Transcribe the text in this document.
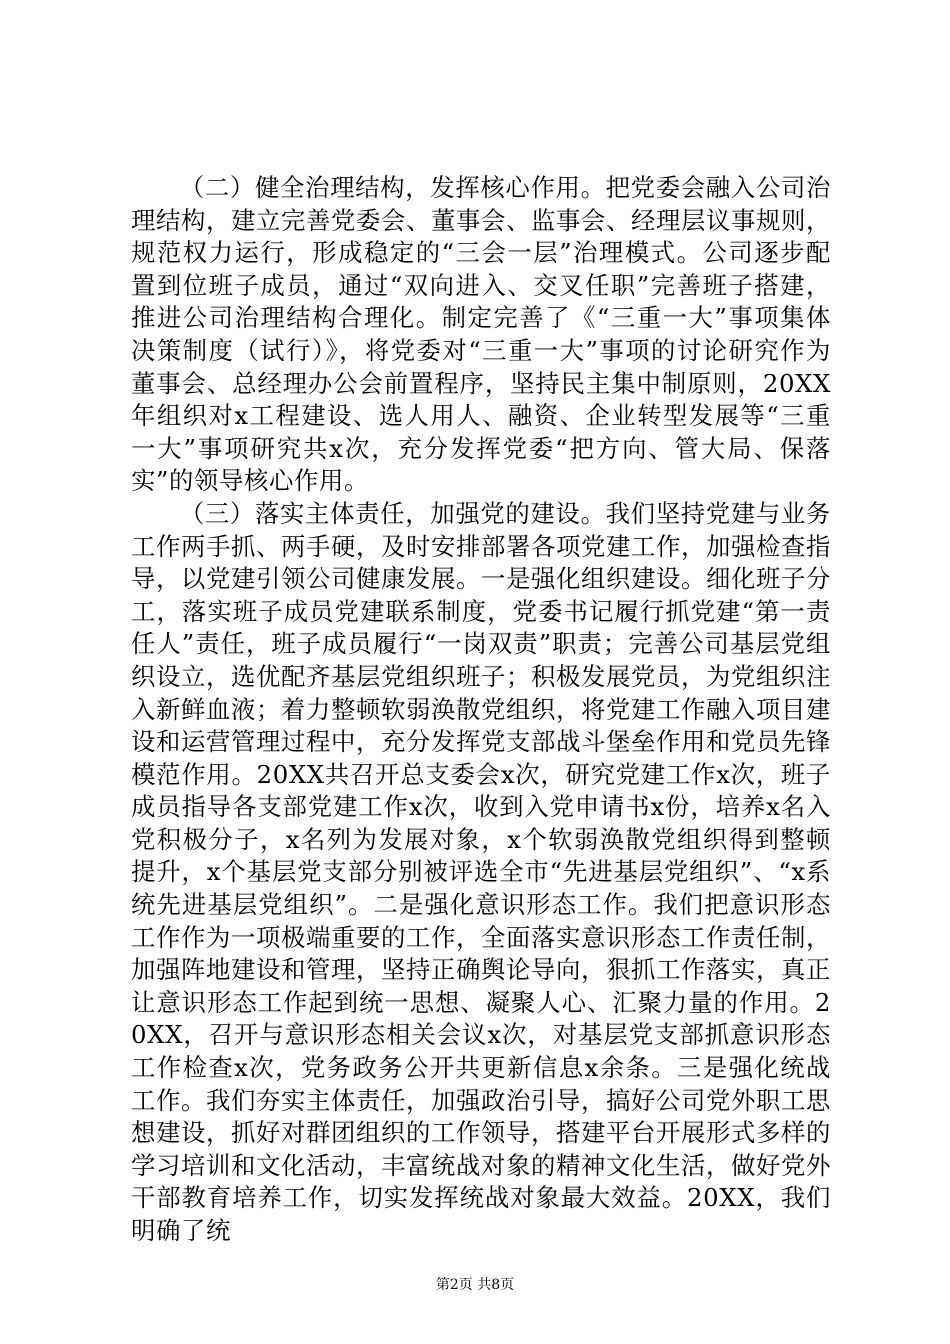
（二）健全治理结构，发挥核心作用。把党委会融入公司治理结构，建立完善党委会、董事会、监事会、经理层议事规则，规范权力运行，形成稳定的“三会一层”治理模式。公司逐步配置到位班子成员，通过“双向进入、交叉任职”完善班子搭建，推进公司治理结构合理化。制定完善了《“三重一大”事项集体决策制度（试行）》，将党委对“三重一大”事项的讨论研究作为董事会、总经理办公会前置程序，坚持民主集中制原则，20XX年组织对x工程建设、选人用人、融资、企业转型发展等“三重一大”事项研究共x次，充分发挥党委“把方向、管大局、保落实”的领导核心作用。

（三）落实主体责任，加强党的建设。我们坚持党建与业务工作两手抓、两手硬，及时安排部署各项党建工作，加强检查指导，以党建引领公司健康发展。一是强化组织建设。细化班子分工，落实班子成员党建联系制度，党委书记履行抓党建“第一责任人”责任，班子成员履行“一岗双责”职责；完善公司基层党组织设立，选优配齐基层党组织班子；积极发展党员，为党组织注入新鲜血液；着力整顿软弱涣散党组织，将党建工作融入项目建设和运营管理过程中，充分发挥党支部战斗堡垒作用和党员先锋模范作用。20XX共召开总支委会x次，研究党建工作x次，班子成员指导各支部党建工作x次，收到入党申请书x份，培养x名入党积极分子，x名列为发展对象，x个软弱涣散党组织得到整顿提升，x个基层党支部分别被评选全市“先进基层党组织”、“x系统先进基层党组织”。二是强化意识形态工作。我们把意识形态工作作为一项极端重要的工作，全面落实意识形态工作责任制，加强阵地建设和管理，坚持正确舆论导向，狠抓工作落实，真正让意识形态工作起到统一思想、凝聚人心、汇聚力量的作用。20XX，召开与意识形态相关会议x次，对基层党支部抓意识形态工作检查x次，党务政务公开共更新信息x余条。三是强化统战工作。我们夯实主体责任，加强政治引导，搞好公司党外职工思想建设，抓好对群团组织的工作领导，搭建平台开展形式多样的学习培训和文化活动，丰富统战对象的精神文化生活，做好党外干部教育培养工作，切实发挥统战对象最大效益。20XX，我们明确了统

第2页 共8页
